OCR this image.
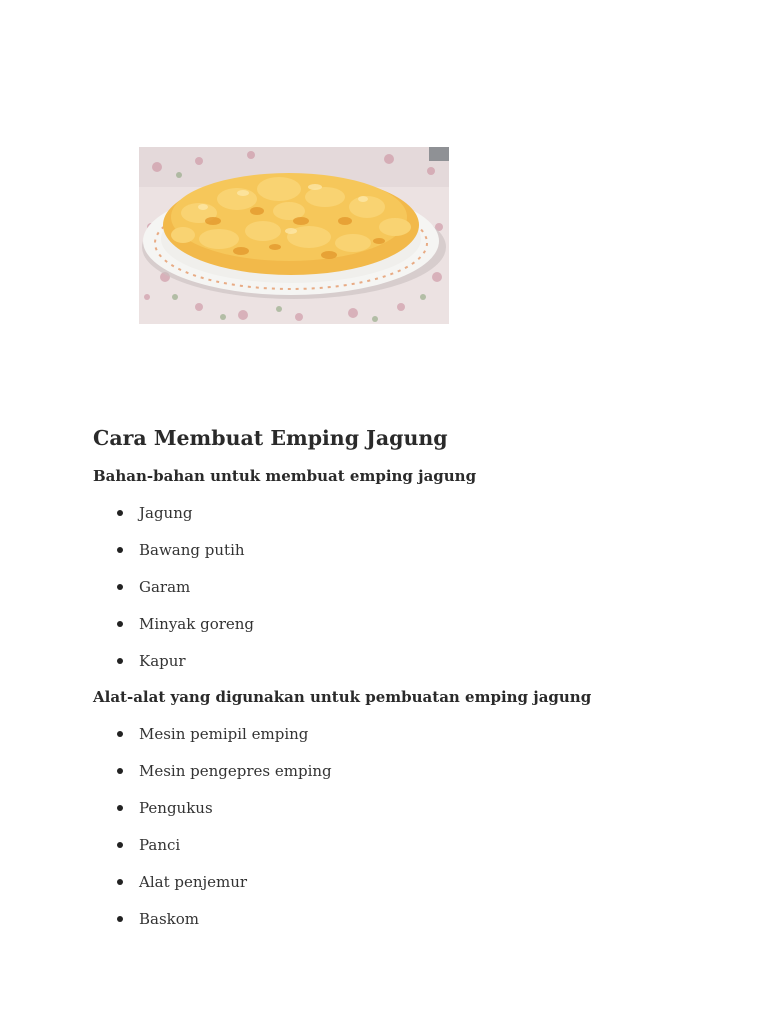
Cara Membuat Emping Jagung
Bahan-bahan untuk membuat emping jagung
Jagung
Bawang putih
Garam
Minyak goreng
Kapur
Alat-alat yang digunakan untuk pembuatan emping jagung
Mesin pemipil emping
Mesin pengepres emping
Pengukus
Panci
Alat penjemur
Baskom
